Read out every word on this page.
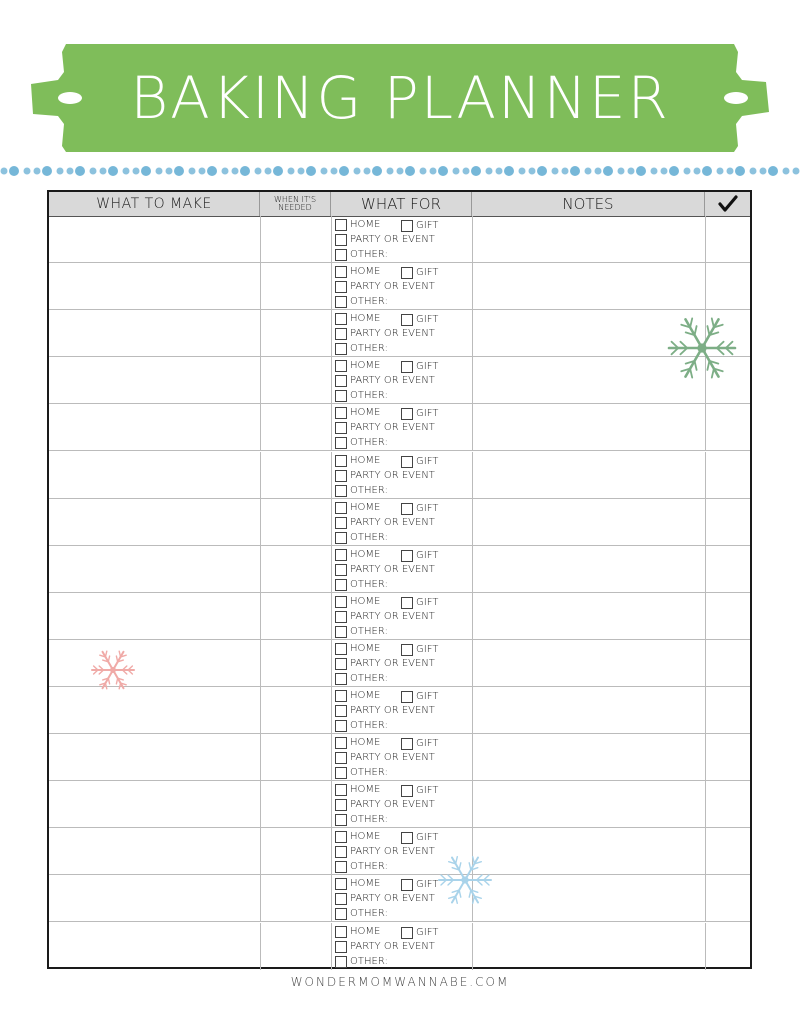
BAKING PLANNER
WHAT TO MAKE	WHEN IT'S
NEEDED	WHAT FOR	NOTES
HOME	GIFT
PARTY OR EVENT
OTHER:
HOME	GIFT
PARTY OR EVENT
OTHER:
HOME	GIFT
PARTY OR EVENT
OTHER:
HOME	GIFT
PARTY OR EVENT
OTHER:
HOME	GIFT
PARTY OR EVENT
OTHER:
HOME	GIFT
PARTY OR EVENT
OTHER:
HOME	GIFT
PARTY OR EVENT
OTHER:
HOME	GIFT
PARTY OR EVENT
OTHER:
HOME	GIFT
PARTY OR EVENT
OTHER:
HOME	GIFT
PARTY OR EVENT
OTHER:
HOME	GIFT
PARTY OR EVENT
OTHER:
HOME	GIFT
PARTY OR EVENT
OTHER:
HOME	GIFT
PARTY OR EVENT
OTHER:
HOME	GIFT
PARTY OR EVENT
OTHER:
HOME	GIFT
PARTY OR EVENT
OTHER:
HOME	GIFT
PARTY OR EVENT
OTHER:
WONDERMOMWANNABE.COM
